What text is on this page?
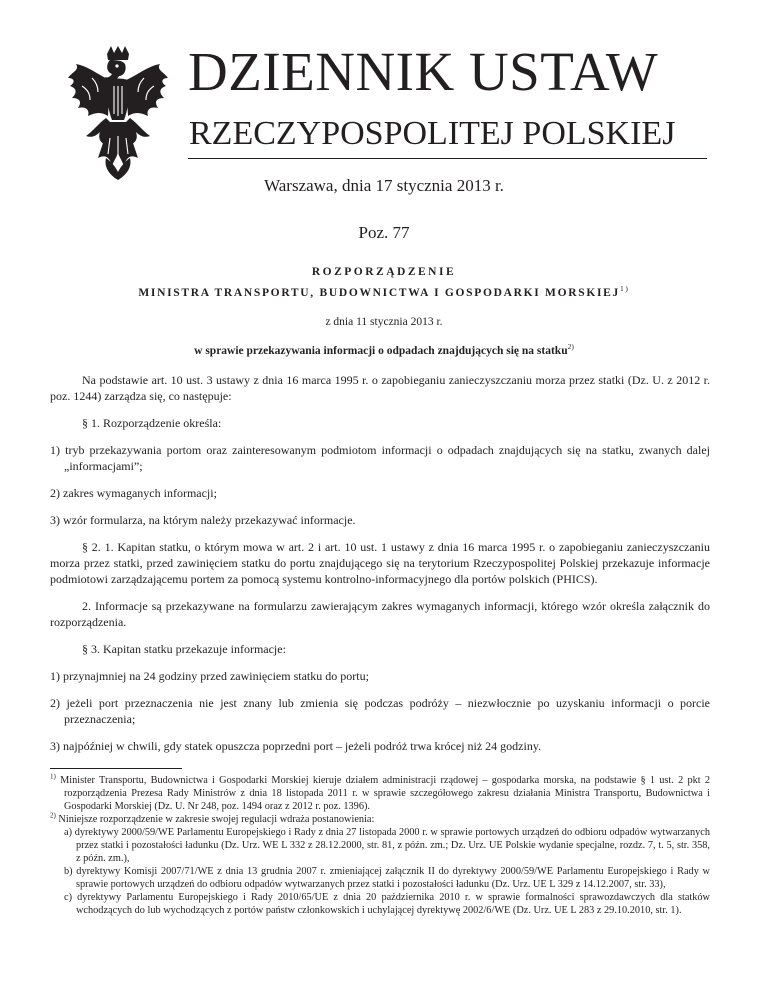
DZIENNIK USTAW
RZECZYPOSPOLITEJ POLSKIEJ
Warszawa, dnia 17 stycznia 2013 r.
Poz. 77
ROZPORZĄDZENIE
MINISTRA TRANSPORTU, BUDOWNICTWA I GOSPODARKI MORSKIEJ$^{1)}$
z dnia 11 stycznia 2013 r.
w sprawie przekazywania informacji o odpadach znajdujących się na statku$^{2)}$

Na podstawie art. 10 ust. 3 ustawy z dnia 16 marca 1995 r. o zapobieganiu zanieczyszczaniu morza przez statki (Dz. U. z 2012 r. poz. 1244) zarządza się, co następuje:

§ 1. Rozporządzenie określa:

1) tryb przekazywania portom oraz zainteresowanym podmiotom informacji o odpadach znajdujących się na statku, zwanych dalej „informacjami”;

2) zakres wymaganych informacji;

3) wzór formularza, na którym należy przekazywać informacje.

§ 2. 1. Kapitan statku, o którym mowa w art. 2 i art. 10 ust. 1 ustawy z dnia 16 marca 1995 r. o zapobieganiu zanieczyszczaniu morza przez statki, przed zawinięciem statku do portu znajdującego się na terytorium Rzeczypospolitej Polskiej przekazuje informacje podmiotowi zarządzającemu portem za pomocą systemu kontrolno-informacyjnego dla portów polskich (PHICS).

2. Informacje są przekazywane na formularzu zawierającym zakres wymaganych informacji, którego wzór określa załącznik do rozporządzenia.

§ 3. Kapitan statku przekazuje informacje:

1) przynajmniej na 24 godziny przed zawinięciem statku do portu;

2) jeżeli port przeznaczenia nie jest znany lub zmienia się podczas podróży – niezwłocznie po uzyskaniu informacji o porcie przeznaczenia;

3) najpóźniej w chwili, gdy statek opuszcza poprzedni port – jeżeli podróż trwa krócej niż 24 godziny.

$^{1)}$ Minister Transportu, Budownictwa i Gospodarki Morskiej kieruje działem administracji rządowej – gospodarka morska, na podstawie § 1 ust. 2 pkt 2 rozporządzenia Prezesa Rady Ministrów z dnia 18 listopada 2011 r. w sprawie szczegółowego zakresu działania Ministra Transportu, Budownictwa i Gospodarki Morskiej (Dz. U. Nr 248, poz. 1494 oraz z 2012 r. poz. 1396).

$^{2)}$ Niniejsze rozporządzenie w zakresie swojej regulacji wdraża postanowienia:

a) dyrektywy 2000/59/WE Parlamentu Europejskiego i Rady z dnia 27 listopada 2000 r. w sprawie portowych urządzeń do odbioru odpadów wytwarzanych przez statki i pozostałości ładunku (Dz. Urz. WE L 332 z 28.12.2000, str. 81, z późn. zm.; Dz. Urz. UE Polskie wydanie specjalne, rozdz. 7, t. 5, str. 358, z późn. zm.),

b) dyrektywy Komisji 2007/71/WE z dnia 13 grudnia 2007 r. zmieniającej załącznik II do dyrektywy 2000/59/WE Parlamentu Europejskiego i Rady w sprawie portowych urządzeń do odbioru odpadów wytwarzanych przez statki i pozostałości ładunku (Dz. Urz. UE L 329 z 14.12.2007, str. 33),

c) dyrektywy Parlamentu Europejskiego i Rady 2010/65/UE z dnia 20 października 2010 r. w sprawie formalności sprawozdawczych dla statków wchodzących do lub wychodzących z portów państw członkowskich i uchylającej dyrektywę 2002/6/WE (Dz. Urz. UE L 283 z 29.10.2010, str. 1).
